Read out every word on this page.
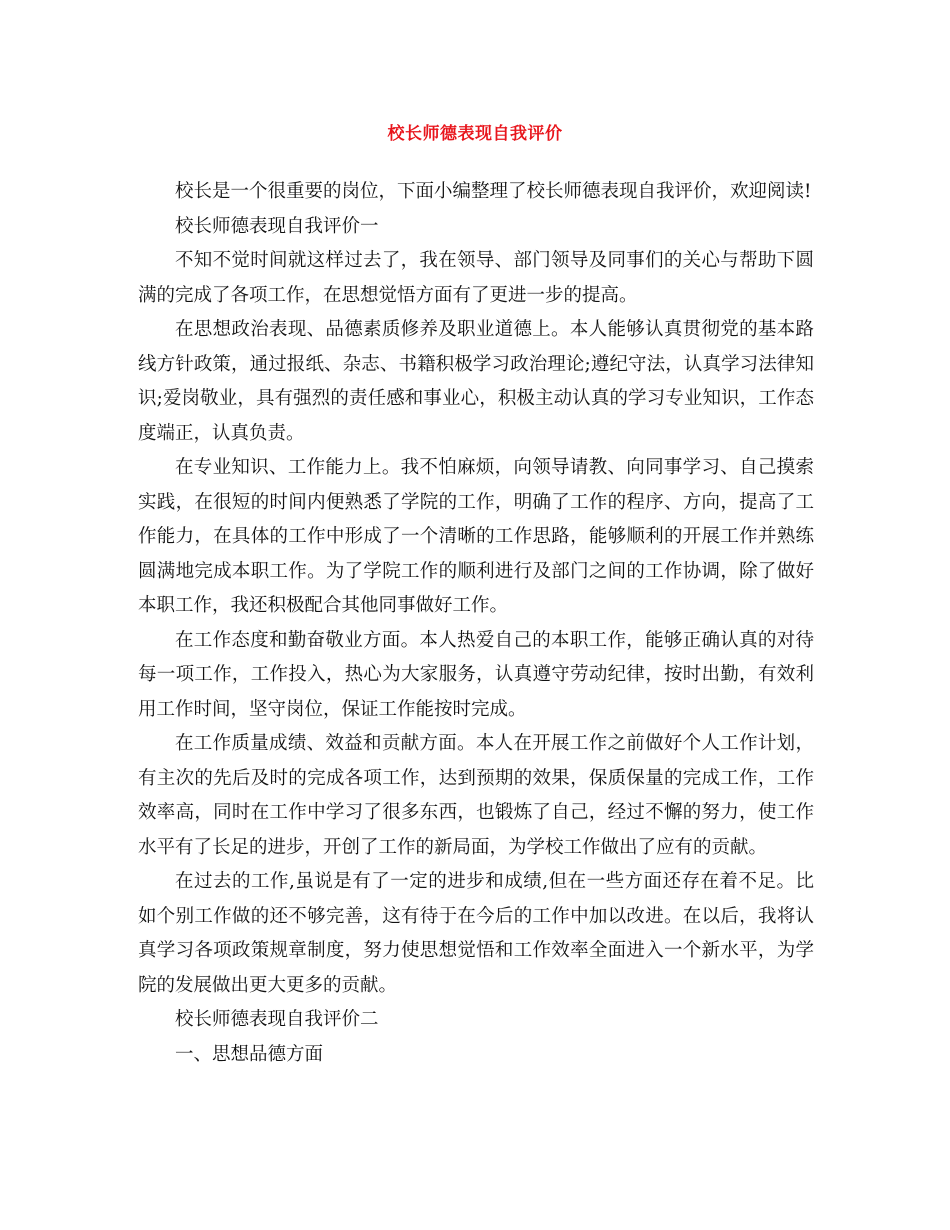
校长师德表现自我评价

校长是一个很重要的岗位，下面小编整理了校长师德表现自我评价，欢迎阅读!

校长师德表现自我评价一

不知不觉时间就这样过去了，我在领导、部门领导及同事们的关心与帮助下圆满的完成了各项工作，在思想觉悟方面有了更进一步的提高。

在思想政治表现、品德素质修养及职业道德上。本人能够认真贯彻党的基本路线方针政策，通过报纸、杂志、书籍积极学习政治理论;遵纪守法，认真学习法律知识;爱岗敬业，具有强烈的责任感和事业心，积极主动认真的学习专业知识，工作态度端正，认真负责。

在专业知识、工作能力上。我不怕麻烦，向领导请教、向同事学习、自己摸索实践，在很短的时间内便熟悉了学院的工作，明确了工作的程序、方向，提高了工作能力，在具体的工作中形成了一个清晰的工作思路，能够顺利的开展工作并熟练圆满地完成本职工作。为了学院工作的顺利进行及部门之间的工作协调，除了做好本职工作，我还积极配合其他同事做好工作。

在工作态度和勤奋敬业方面。本人热爱自己的本职工作，能够正确认真的对待每一项工作，工作投入，热心为大家服务，认真遵守劳动纪律，按时出勤，有效利用工作时间，坚守岗位，保证工作能按时完成。

在工作质量成绩、效益和贡献方面。本人在开展工作之前做好个人工作计划，有主次的先后及时的完成各项工作，达到预期的效果，保质保量的完成工作，工作效率高，同时在工作中学习了很多东西，也锻炼了自己，经过不懈的努力，使工作水平有了长足的进步，开创了工作的新局面，为学校工作做出了应有的贡献。

在过去的工作,虽说是有了一定的进步和成绩,但在一些方面还存在着不足。比如个别工作做的还不够完善，这有待于在今后的工作中加以改进。在以后，我将认真学习各项政策规章制度，努力使思想觉悟和工作效率全面进入一个新水平，为学院的发展做出更大更多的贡献。

校长师德表现自我评价二

一、思想品德方面
